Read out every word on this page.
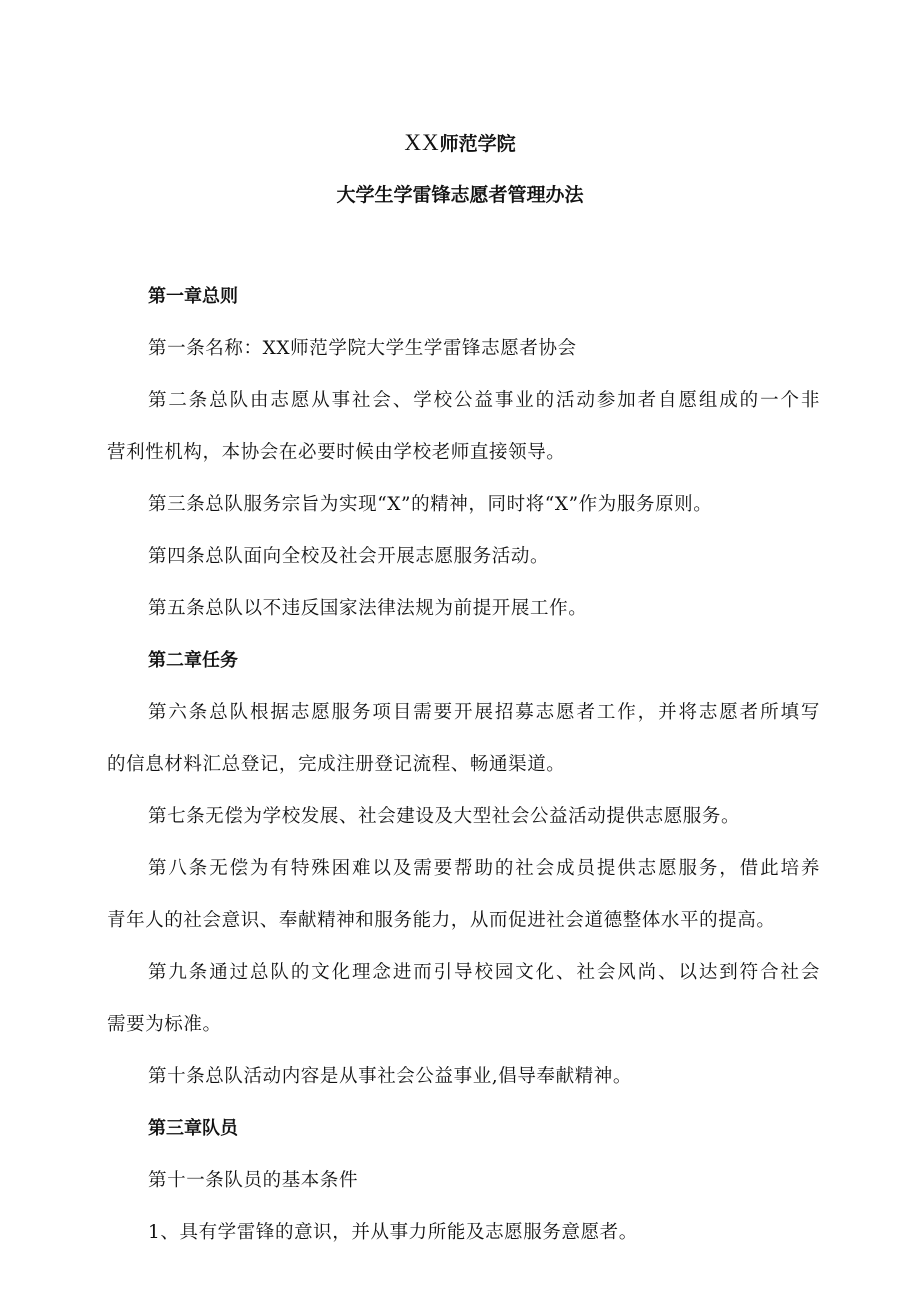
XX师范学院
大学生学雷锋志愿者管理办法
第一章总则
第一条名称：XX师范学院大学生学雷锋志愿者协会
第二条总队由志愿从事社会、学校公益事业的活动参加者自愿组成的一个非
营利性机构，本协会在必要时候由学校老师直接领导。
第三条总队服务宗旨为实现“X”的精神，同时将“X”作为服务原则。
第四条总队面向全校及社会开展志愿服务活动。
第五条总队以不违反国家法律法规为前提开展工作。
第二章任务
第六条总队根据志愿服务项目需要开展招募志愿者工作，并将志愿者所填写
的信息材料汇总登记，完成注册登记流程、畅通渠道。
第七条无偿为学校发展、社会建设及大型社会公益活动提供志愿服务。
第八条无偿为有特殊困难以及需要帮助的社会成员提供志愿服务，借此培养
青年人的社会意识、奉献精神和服务能力，从而促进社会道德整体水平的提高。
第九条通过总队的文化理念进而引导校园文化、社会风尚、以达到符合社会
需要为标准。
第十条总队活动内容是从事社会公益事业,倡导奉献精神。
第三章队员
第十一条队员的基本条件
1、具有学雷锋的意识，并从事力所能及志愿服务意愿者。
